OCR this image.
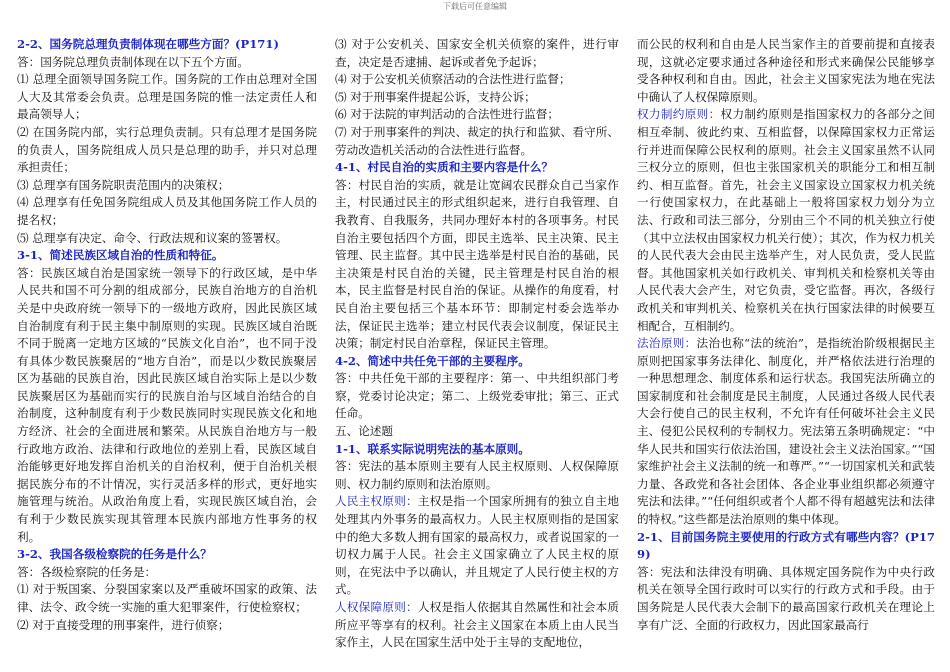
下载后可任意编辑

2-2、国务院总理负责制体现在哪些方面？(P171)

答：国务院总理负责制体现在以下五个方面。

⑴ 总理全面领导国务院工作。国务院的工作由总理对全国人大及其常委会负责。总理是国务院的惟一法定责任人和最高领导人；

⑵ 在国务院内部，实行总理负责制。只有总理才是国务院的负责人，国务院组成人员只是总理的助手，并只对总理承担责任；

⑶ 总理享有国务院职责范围内的决策权；

⑷ 总理享有任免国务院组成人员及其他国务院工作人员的提名权；

⑸ 总理享有决定、命令、行政法规和议案的签署权。

3-1、简述民族区域自治的性质和特征。

答：民族区域自治是国家统一领导下的行政区域，是中华人民共和国不可分割的组成部分，民族自治地方的自治机关是中央政府统一领导下的一级地方政府，因此民族区域自治制度有利于民主集中制原则的实现。民族区域自治既不同于脱离一定地方区域的“民族文化自治”，也不同于没有具体少数民族聚居的“地方自治”，而是以少数民族聚居区为基础的民族自治，因此民族区域自治实际上是以少数民族聚居区为基础而实行的民族自治与区域自治结合的自治制度，这种制度有利于少数民族同时实现民族文化和地方经济、社会的全面进展和繁荣。从民族自治地方与一般行政地方政治、法律和行政地位的差别上看，民族区域自治能够更好地发挥自治机关的自治权利，便于自治机关根据民族分布的不计情况，实行灵活多样的形式，更好地实施管理与统治。从政治角度上看，实现民族区域自治，会有利于少数民族实现其管理本民族内部地方性事务的权利。

3-2、我国各级检察院的任务是什么？

答：各级检察院的任务是：

⑴ 对于叛国案、分裂国家案以及严重破坏国家的政策、法律、法令、政令统一实施的重大犯罪案件，行使检察权；

⑵ 对于直接受理的刑事案件，进行侦察；

⑶ 对于公安机关、国家安全机关侦察的案件，进行审查，决定是否逮捕、起诉或者免予起诉；

⑷ 对于公安机关侦察活动的合法性进行监督；

⑸ 对于刑事案件提起公诉，支持公诉；

⑹ 对于法院的审判活动的合法性进行监督；

⑺ 对于刑事案件的判决、裁定的执行和监狱、看守所、劳动改造机关活动的合法性进行监督。

4-1、村民自治的实质和主要内容是什么？

答：村民自治的实质，就是让宽阔农民群众自己当家作主，村民通过民主的形式组织起来，进行自我管理、自我教育、自我服务，共同办理好本村的各项事务。村民自治主要包括四个方面，即民主选举、民主决策、民主管理、民主监督。其中民主选举是村民自治的基础，民主决策是村民自治的关键，民主管理是村民自治的根本，民主监督是村民自治的保证。从操作的角度看，村民自治主要包括三个基本环节：即制定村委会选举办法，保证民主选举；建立村民代表会议制度，保证民主决策；制定村民自治章程，保证民主管理。

4-2、简述中共任免干部的主要程序。

答：中共任免干部的主要程序：第一、中共组织部门考察，党委讨论决定；第二、上级党委审批；第三、正式任命。

五、论述题

1-1、联系实际说明宪法的基本原则。

答：宪法的基本原则主要有人民主权原则、人权保障原则、权力制约原则和法治原则。

人民主权原则：主权是指一个国家所拥有的独立自主地处理其内外事务的最高权力。人民主权原则指的是国家中的绝大多数人拥有国家的最高权力，或者说国家的一切权力属于人民。社会主义国家确立了人民主权的原则，在宪法中予以确认，并且规定了人民行使主权的方式。

人权保障原则：人权是指人依据其自然属性和社会本质所应平等享有的权利。社会主义国家在本质上由人民当家作主，人民在国家生活中处于主导的支配地位，

而公民的权利和自由是人民当家作主的首要前提和直接表现，这就必定要求通过各种途径和形式来确保公民能够享受各种权利和自由。因此，社会主义国家宪法为地在宪法中确认了人权保障原则。

权力制约原则：权力制约原则是指国家权力的各部分之间相互牵制、彼此约束、互相监督，以保障国家权力正常运行并进而保障公民权利的原则。社会主义国家虽然不认同三权分立的原则，但也主张国家机关的职能分工和相互制约、相互监督。首先，社会主义国家设立国家权力机关统一行使国家权力，在此基础上一般将国家权力划分为立法、行政和司法三部分，分别由三个不同的机关独立行使（其中立法权由国家权力机关行使）；其次，作为权力机关的人民代表大会由民主选举产生，对人民负责，受人民监督。其他国家机关如行政机关、审判机关和检察机关等由人民代表大会产生，对它负责，受它监督。再次，各级行政机关和审判机关、检察机关在执行国家法律的时候要互相配合，互相制约。

法治原则：法治也称“法的统治”，是指统治阶级根据民主原则把国家事务法律化、制度化，并严格依法进行治理的一种思想理念、制度体系和运行状态。我国宪法所确立的国家制度和社会制度是民主制度，人民通过各级人民代表大会行使自己的民主权利，不允许有任何破坏社会主义民主、侵犯公民权利的专制权力。宪法第五条明确规定：“中华人民共和国实行依法治国，建设社会主义法治国家。”“国家维护社会主义法制的统一和尊严。”“一切国家机关和武装力量、各政党和各社会团体、各企业事业组织都必须遵守宪法和法律。”“任何组织或者个人都不得有超越宪法和法律的特权。”这些都是法治原则的集中体现。

2-1、目前国务院主要使用的行政方式有哪些内容？(P179)

答：宪法和法律没有明确、具体规定国务院作为中央行政机关在领导全国行政时可以实行的行政方式和手段。由于国务院是人民代表大会制下的最高国家行政机关在理论上享有广泛、全面的行政权力，因此国家最高行
